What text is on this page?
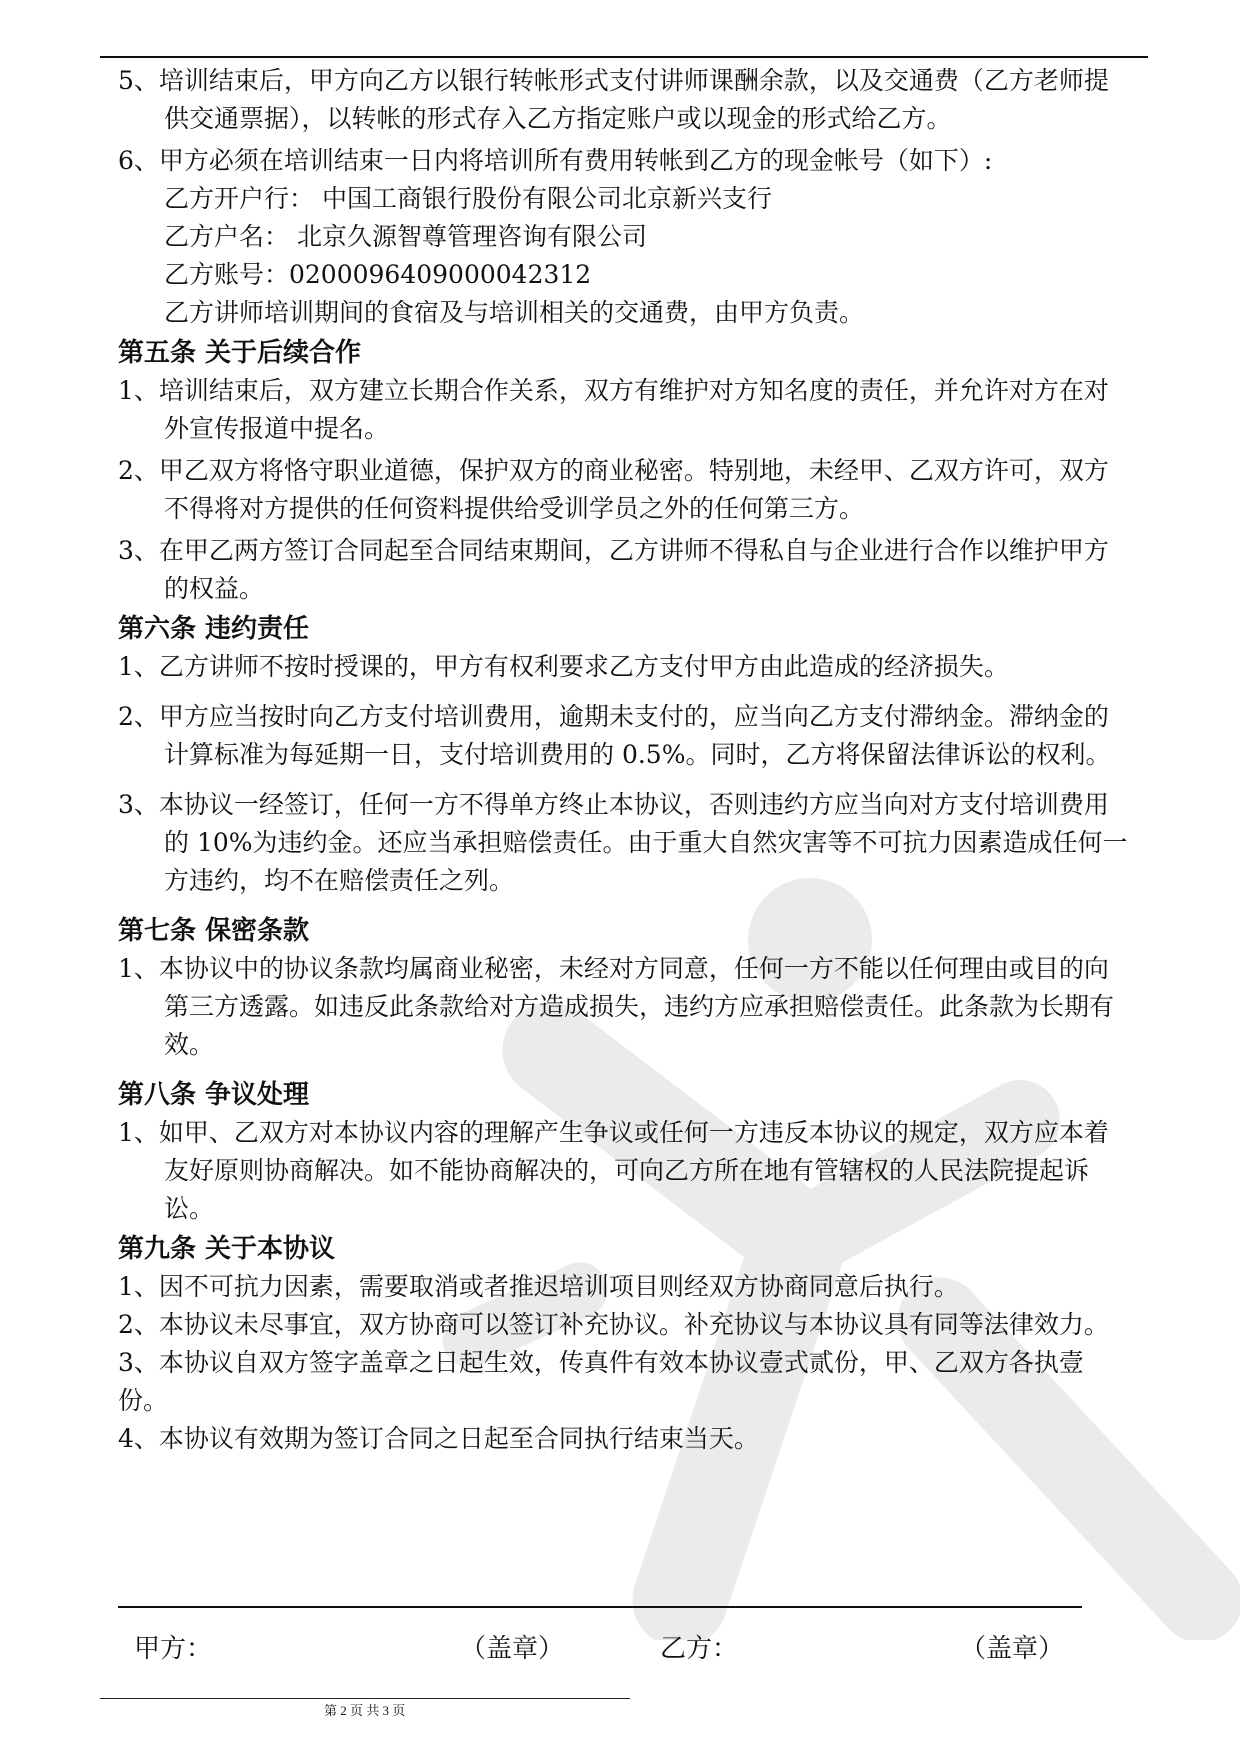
5、培训结束后，甲方向乙方以银行转帐形式支付讲师课酬余款，以及交通费（乙方老师提供交通票据），以转帐的形式存入乙方指定账户或以现金的形式给乙方。

6、甲方必须在培训结束一日内将培训所有费用转帐到乙方的现金帐号（如下）:

乙方开户行： 中国工商银行股份有限公司北京新兴支行

乙方户名： 北京久源智尊管理咨询有限公司

乙方账号：0200096409000042312

乙方讲师培训期间的食宿及与培训相关的交通费，由甲方负责。

第五条 关于后续合作

1、培训结束后，双方建立长期合作关系，双方有维护对方知名度的责任，并允许对方在对外宣传报道中提名。

2、甲乙双方将恪守职业道德，保护双方的商业秘密。特别地，未经甲、乙双方许可，双方不得将对方提供的任何资料提供给受训学员之外的任何第三方。

3、在甲乙两方签订合同起至合同结束期间，乙方讲师不得私自与企业进行合作以维护甲方的权益。

第六条 违约责任

1、乙方讲师不按时授课的，甲方有权利要求乙方支付甲方由此造成的经济损失。

2、甲方应当按时向乙方支付培训费用，逾期未支付的，应当向乙方支付滞纳金。滞纳金的计算标准为每延期一日，支付培训费用的 0.5%。同时，乙方将保留法律诉讼的权利。

3、本协议一经签订，任何一方不得单方终止本协议，否则违约方应当向对方支付培训费用的 10%为违约金。还应当承担赔偿责任。由于重大自然灾害等不可抗力因素造成任何一方违约，均不在赔偿责任之列。

第七条 保密条款

1、本协议中的协议条款均属商业秘密，未经对方同意，任何一方不能以任何理由或目的向第三方透露。如违反此条款给对方造成损失，违约方应承担赔偿责任。此条款为长期有效。

第八条 争议处理

1、如甲、乙双方对本协议内容的理解产生争议或任何一方违反本协议的规定，双方应本着友好原则协商解决。如不能协商解决的，可向乙方所在地有管辖权的人民法院提起诉讼。

第九条 关于本协议

1、因不可抗力因素，需要取消或者推迟培训项目则经双方协商同意后执行。

2、本协议未尽事宜，双方协商可以签订补充协议。补充协议与本协议具有同等法律效力。

3、本协议自双方签字盖章之日起生效，传真件有效本协议壹式贰份，甲、乙双方各执壹份。

4、本协议有效期为签订合同之日起至合同执行结束当天。

甲方：	（盖章）	乙方：	（盖章）
第 2 页 共 3 页
